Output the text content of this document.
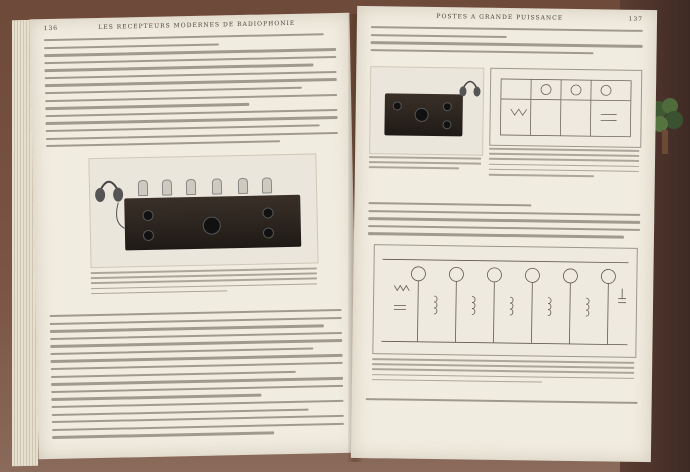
136	LES RECEPTEURS MODERNES DE RADIOPHONIE
POSTES A GRANDE PUISSANCE	137
